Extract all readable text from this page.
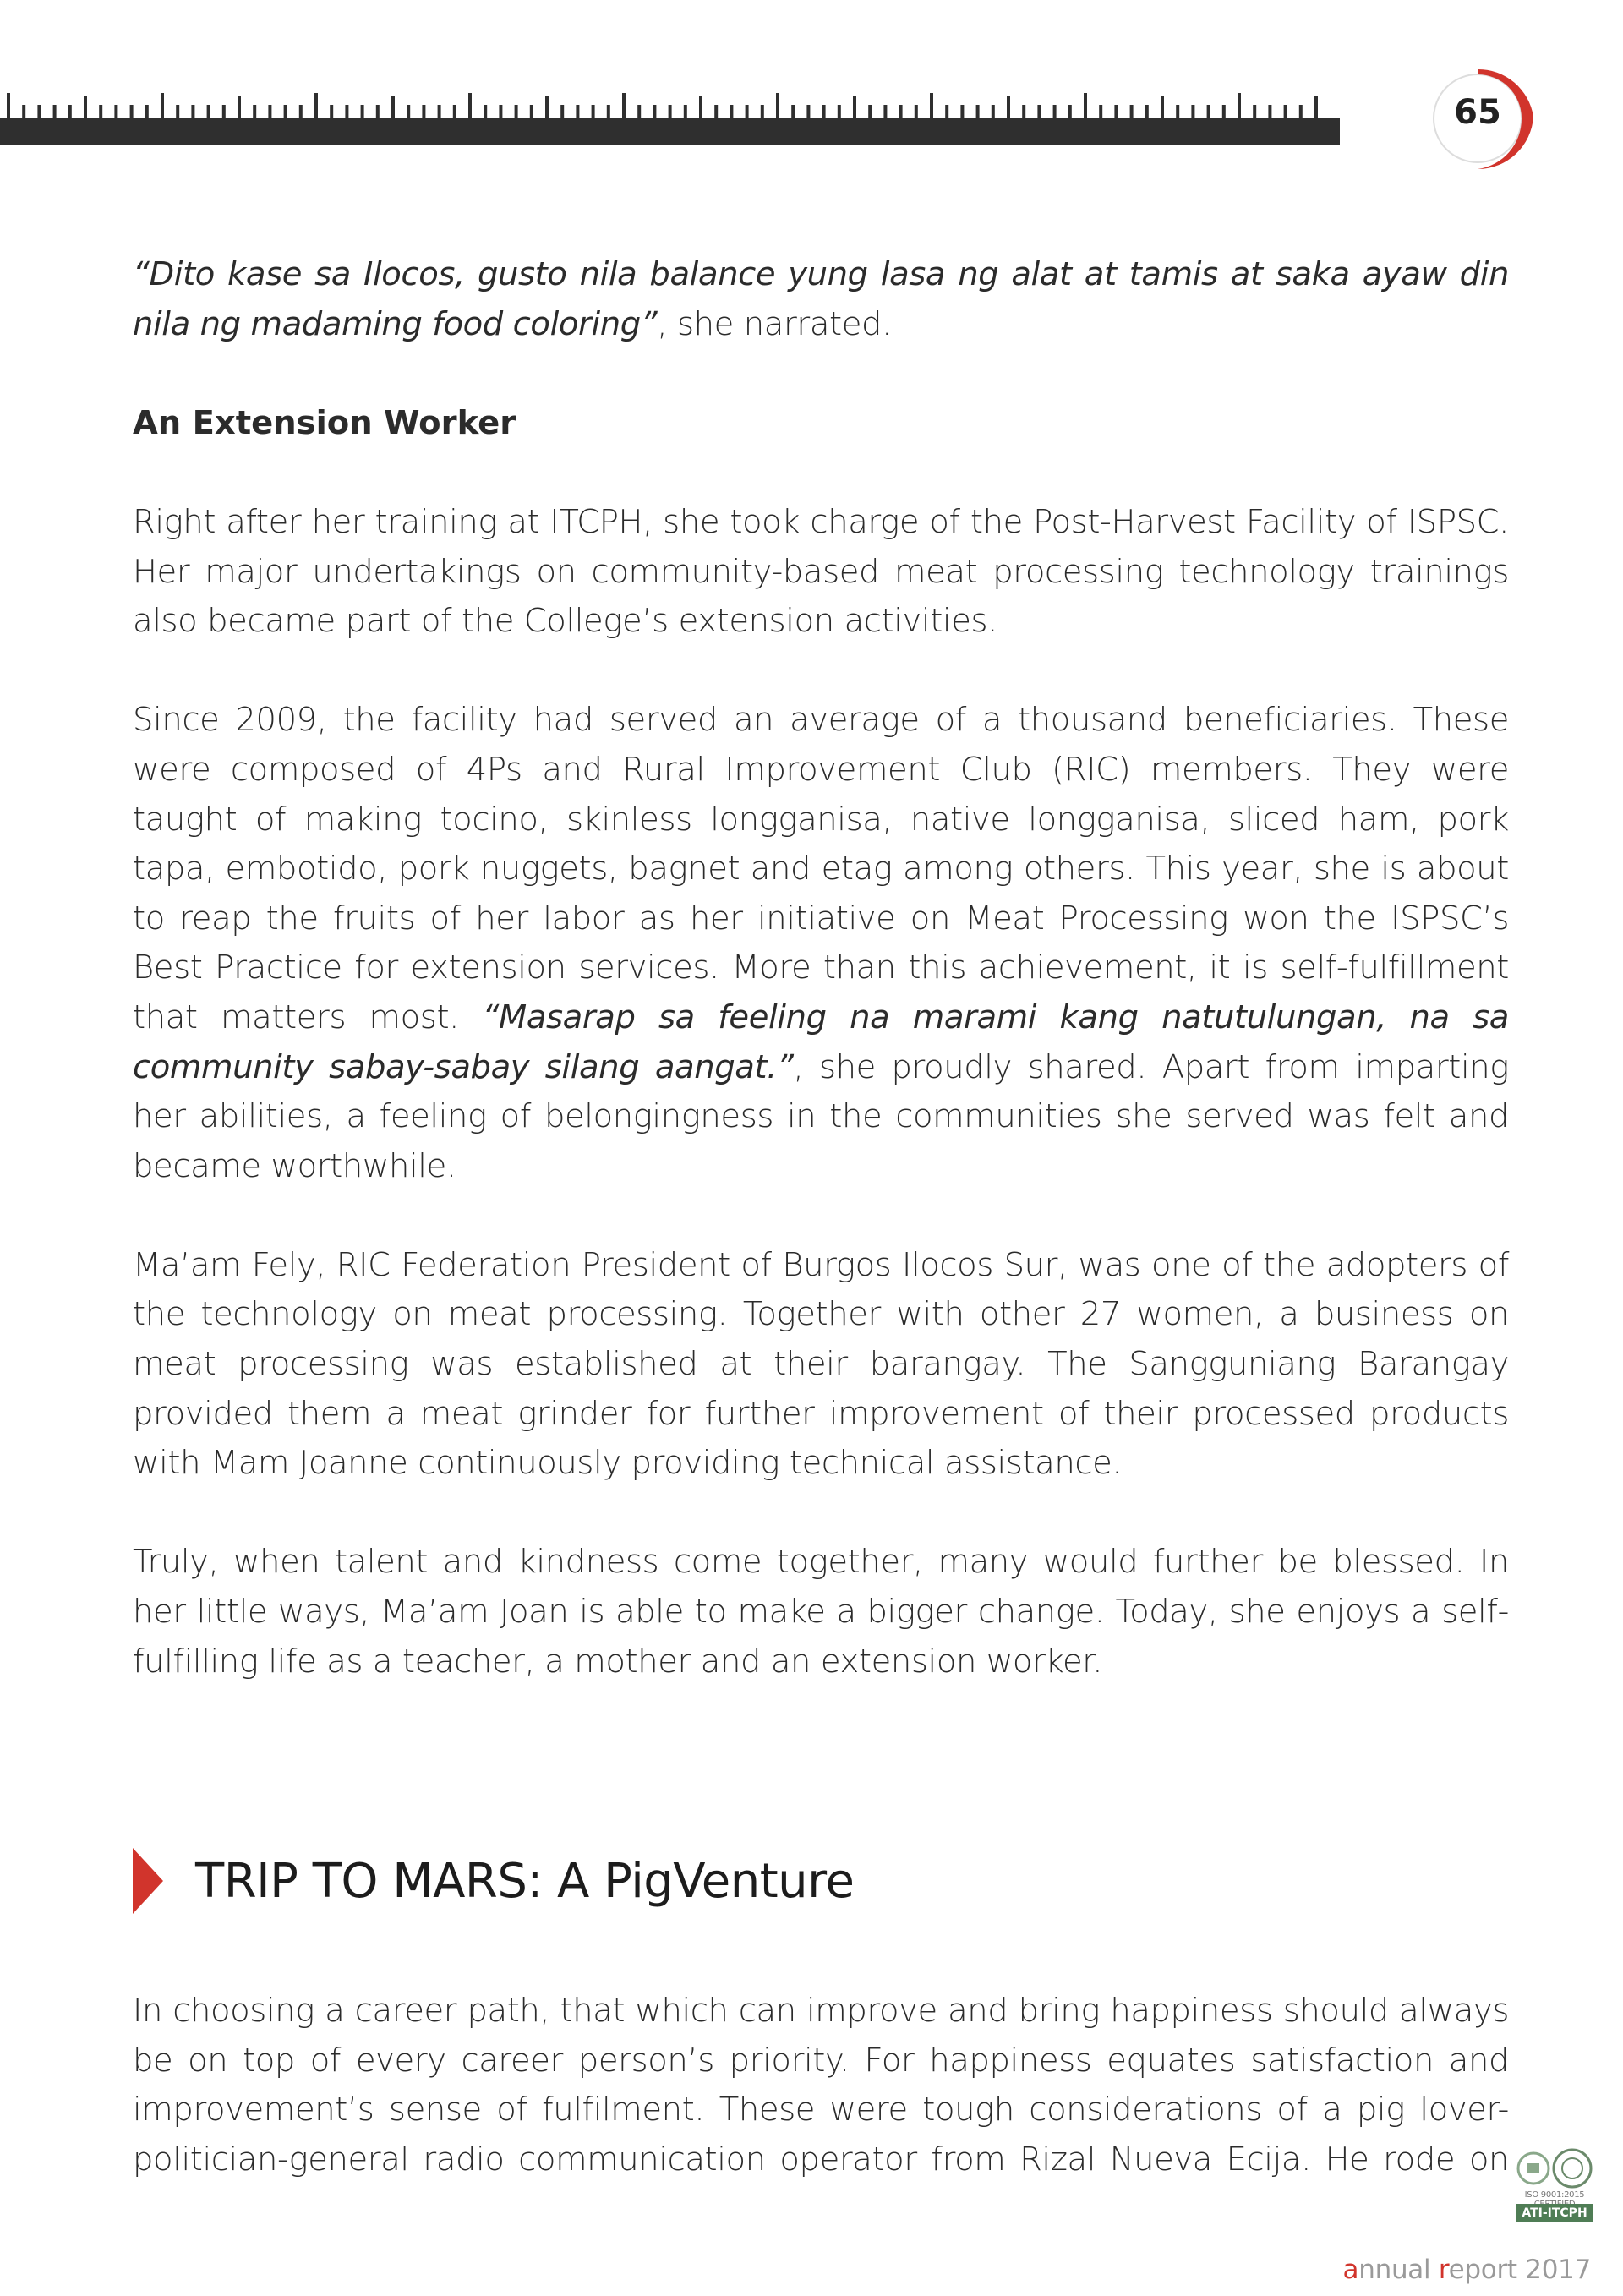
65

“Dito kase sa Ilocos, gusto nila balance yung lasa ng alat at tamis at saka ayaw din nila ng madaming food coloring”, she narrated.

An Extension Worker

Right after her training at ITCPH, she took charge of the Post-Harvest Facility of ISPSC. Her major undertakings on community-based meat processing technology trainings also became part of the College’s extension activities.

Since 2009, the facility had served an average of a thousand beneficiaries. These were composed of 4Ps and Rural Improvement Club (RIC) members. They were taught of making tocino, skinless longganisa, native longganisa, sliced ham, pork tapa, embotido, pork nuggets, bagnet and etag among others. This year, she is about to reap the fruits of her labor as her initiative on Meat Processing won the ISPSC’s Best Practice for extension services. More than this achievement, it is self-fulfillment that matters most. “Masarap sa feeling na marami kang natutulungan, na sa community sabay-sabay silang aangat.”, she proudly shared. Apart from imparting her abilities, a feeling of belongingness in the communities she served was felt and became worthwhile.

Ma’am Fely, RIC Federation President of Burgos Ilocos Sur, was one of the adopters of the technology on meat processing. Together with other 27 women, a business on meat processing was established at their barangay. The Sangguniang Barangay provided them a meat grinder for further improvement of their processed products with Mam Joanne continuously providing technical assistance.

Truly, when talent and kindness come together, many would further be blessed. In her little ways, Ma’am Joan is able to make a bigger change. Today, she enjoys a self-fulfilling life as a teacher, a mother and an extension worker.

TRIP TO MARS: A PigVenture

In choosing a career path, that which can improve and bring happiness should always be on top of every career person’s priority. For happiness equates satisfaction and improvement’s sense of fulfilment. These were tough considerations of a pig lover-politician-general radio communication operator from Rizal Nueva Ecija. He rode on

ISO 9001:2015
ATI-ITCPH
annual report 2017
